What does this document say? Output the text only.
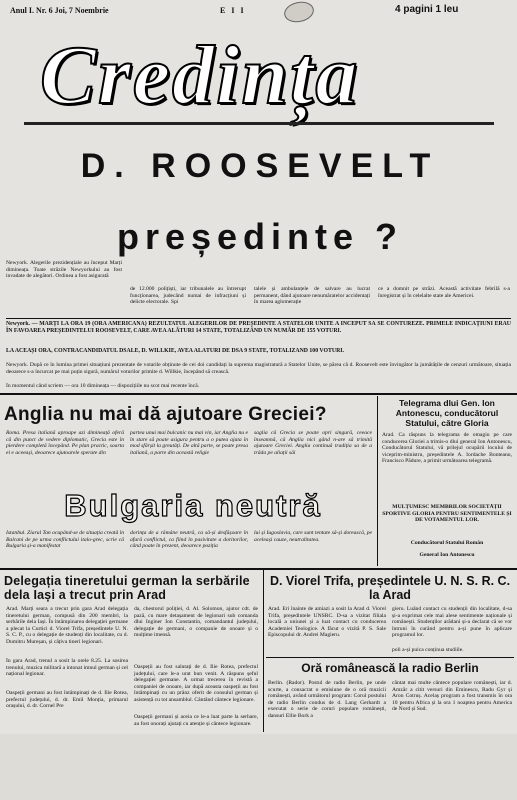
Anul I. Nr. 6 Joi, 7 Noembrie	E I I	4 pagini 1 leu
Credința
D. ROOSEVELT
președinte ?
Newyork. Alegerile prezidențiale au început Marți dimineața. Toate străzile Newyorkului au fost invadate de alegători. Ordinea a fost asigurată
de 12.000 polițiști, iar tribunalele au întrerupt funcționarea, judecând numai de infracțiuni și delicte electorale. Spi
talele și ambulanțele de salvare au lucrat permanent, dând ajutoare nenumăratelor accidentați în marea aglomerație
ce a domnit pe străzi. Această activitate febrilă s-a înregistrat și în celelalte state ale Americei.
Newyork. — MARȚI LA ORA 19 (ORA AMERICANĂ) REZULTATUL ALEGERILOR DE PREȘEDINTE A STATELOR UNITE A ÎNCEPUT SĂ SE CONTUREZE. PRIMELE INDICAȚIUNI ERAU ÎN FAVOAREA PREȘEDINTELUI ROOSEVELT, CARE AVEA ALĂTURI 14 STATE, TOTALIZÂND UN NUMĂR DE 155 VOTURI.
LA ACEAȘI ORĂ, CONTRACANDIDATUL DSALE, D. WILLKIE, AVEA ALĂTURI DE DSA 9 STATE, TOTALIZÂND 100 VOTURI.
Newyork. După ce în lumina primei situațiuni prezentate de votarile obținute de cei doi candidați la suprema magistratură a Statelor Unite, se părea că d. Roosevelt este învingător la jumătățile de cenzuri următoare, situația deoarece s-a încurcat pe mai puțin sigură, numărul voturilor primite d. Willkie, începând să crească.
În momentul când scriem — ora 10 dimineața — dispozițiile nu scot mai recente încă.
Anglia nu mai dă ajutoare Greciei?
Roma. Presa italiană aproape azi dimineață oferă că din punct de vedere diplomatic, Grecia este în pierdere completă începând. Pe plan practic, soarta ei e aceeași, deoarece ajutoarele sperate din
partea unui mai bulcanic nu mai vin, iar Anglia nu e în stare să poate asigura pentru a o putea ajuta în mod sfârșit la greutăți. De altă parte, se poate presa italiană, a parte din această religie
saglia că Grecia se poate opri singură, ceeace înseamnă, că Anglia nici gând n-are să trimită ajutoare Greciei. Anglia continuă tradiția sa de a trăda pe aliații săi
Telegrama dlui Gen. Ion Antonescu, conducătorul Statului, către Gloria
Arad. Ca răspuns la telegrama de omagiu pe care conducerea Gloriei a trimis-o dlui general Ion Antonescu, Conducătorul Statului, vă prilejul ocupării locului de viceprim-ministru, președintele A. Iordache Bonteanu, Francisco Pădure, a primit următoarea telegramă.
MULȚUMESC MEMBRILOR SOCIETĂȚII SPORTIVE GLORIA PENTRU SENTIMENTELE ȘI DE VOTAMENTUL LOR.
Conducătorul Statului Român
General Ion Antonescu
Bulgaria neutră
Istanbul. Ziarul Tan ocupând-se de situația creată în Balcani de pe urma conflictului italo-grec, scrie că Bulgaria și-a manifestat
dorința de a rămâne neutră, ca să-și desfășoare în afară conflictul, ca fiind în pasivitate a doritorilor, când poate în prezent, deoarece poziția
lui și Iugoslavia, care sunt tentate să-și dorească, pe aceleași cauze, neutralitatea.
Delegația tineretului german la serbările dela Iași a trecut prin Arad
Arad. Marți seara a trecut prin gara Arad delegația tineretului german, compusă din 200 membri, la serbările dela Iași. În întâmpinarea delegației germane a plecat la Curtici d. Viorel Trifa, președintele U. N. S. C. P., cu o delegație de studenți din localitate, cu d. Dumitru Mureșan, și câțiva tineri legionari.
În gara Arad, trenul a sosit la orele 8.25. La sosirea trenului, muzica militară a intonat imnul german și cel național legionar.
Oaspeții germani au fost întâmpinați de d. Ilie Rotea, prefectul județului, d. dr. Emil Monția, primarul orașului, d. dr. Cornel Pre
da, chestorul poliției, d. Al. Solomon, ajutor cdt. de pază, cu mare detașament de legionari sub comanda dlui Inginer Ion Constantin, comandantul județului, delegație de germani, o companie de onoare și o mulțime imensă.
Oaspeții au fost salutați de d. Ilie Rotea, prefectul județului, care le-a urat bun venit. A răspuns șeful delegației germane. A urmat trecerea în revistă a companiei de onoare, iar după aceasta oaspeții au fost întâmpinați cu un prânz oferit de consulul german și asistență cu tot ansamblul. Cântând cântece legionare.
Oaspeții germani și aceia ce le-a luat parte la serbare, au fost onorați ajutați cu atenție și cântece legionare.
D. Viorel Trifa, președintele U. N. S. R. C. la Arad
Arad. Eri înainte de amiazi a sosit la Arad d. Viorel Trifa, președintele UNSRC. D-sa a vizitat filiala locală a uniunei și a luat contact cu conducerea Academiei Teologice. A făcut o vizită P. S. Sale Episcopului dr. Andrei Magieru.
gieru. Luând contact cu studenții din localitate, d-sa și-a exprimat cele mai alese sentimente naționale și românești. Studenților arădani și-a declarat că se vor întruni în curând pentru a-și pune în aplicare programul lor.
poli a-și puica conținua studiile.
Oră românească la radio Berlin
Berlin. (Rador). Postul de radio Berlin, pe unde scurte, a consacrat o emisiune de o oră muzicii românești, având următorul program: Corul postului de radio Berlin condus de d. Lang Gerhardt a executat o serie de coruri populare românești, dansuri Ellie Bork a
cântat mai multe cântece populare românești, iar d. Amzăr a citit versuri din Eminescu, Radu Gyr și Aron Cotruș. Acelaș program a fost transmis în ora 10 pentru Africa și la ora 1 noaptea pentru America de Nord și Sud.
